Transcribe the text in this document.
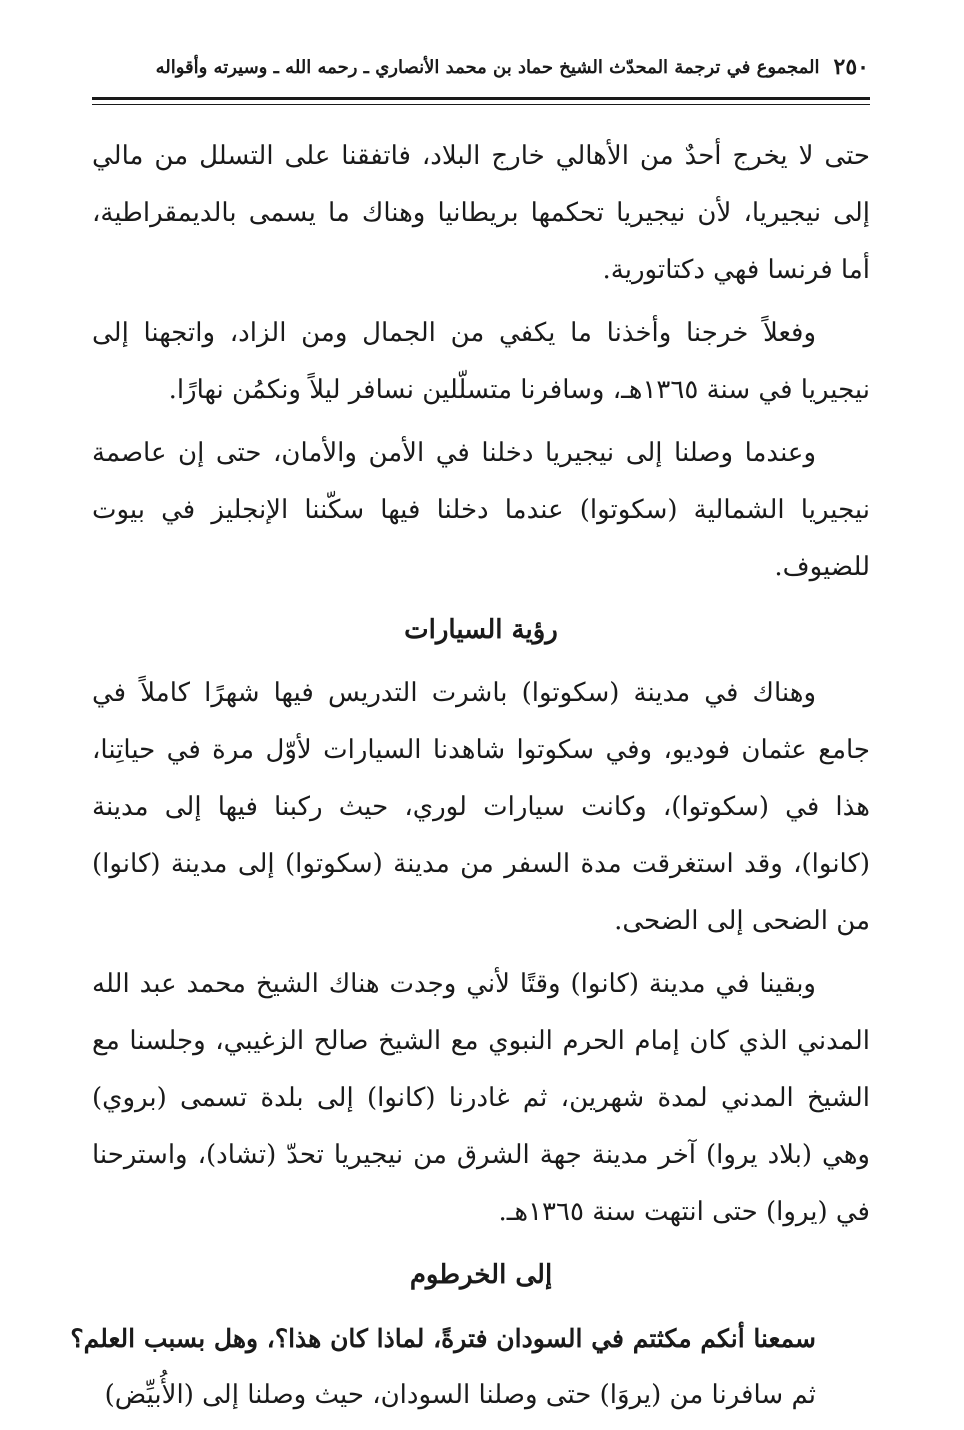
٢٥٠
المجموع في ترجمة المحدّث الشيخ حماد بن محمد الأنصاري ـ رحمه الله ـ وسيرته وأقواله

حتى لا يخرج أحدٌ من الأهالي خارج البلاد، فاتفقنا على التسلل من مالي إلى نيجيريا، لأن نيجيريا تحكمها بريطانيا وهناك ما يسمى بالديمقراطية، أما فرنسا فهي دكتاتورية.

وفعلاً خرجنا وأخذنا ما يكفي من الجمال ومن الزاد، واتجهنا إلى نيجيريا في سنة ١٣٦٥هـ، وسافرنا متسلّلين نسافر ليلاً ونكمُن نهارًا.

وعندما وصلنا إلى نيجيريا دخلنا في الأمن والأمان، حتى إن عاصمة نيجيريا الشمالية (سكوتوا) عندما دخلنا فيها سكّننا الإنجليز في بيوت للضيوف.

رؤية السيارات

وهناك في مدينة (سكوتوا) باشرت التدريس فيها شهرًا كاملاً في جامع عثمان فوديو، وفي سكوتوا شاهدنا السيارات لأوّل مرة في حياتِنا، هذا في (سكوتوا)، وكانت سيارات لوري، حيث ركبنا فيها إلى مدينة (كانوا)، وقد استغرقت مدة السفر من مدينة (سكوتوا) إلى مدينة (كانوا) من الضحى إلى الضحى.

وبقينا في مدينة (كانوا) وقتًا لأني وجدت هناك الشيخ محمد عبد الله المدني الذي كان إمام الحرم النبوي مع الشيخ صالح الزغيبي، وجلسنا مع الشيخ المدني لمدة شهرين، ثم غادرنا (كانوا) إلى بلدة تسمى (بروي) وهي (بلاد يروا) آخر مدينة جهة الشرق من نيجيريا تحدّ (تشاد)، واسترحنا في (يروا) حتى انتهت سنة ١٣٦٥هـ.

إلى الخرطوم

سمعنا أنكم مكثتم في السودان فترةً، لماذا كان هذا؟، وهل بسبب العلم؟

ثم سافرنا من (يروَا) حتى وصلنا السودان، حيث وصلنا إلى (الأُبيِّض)
